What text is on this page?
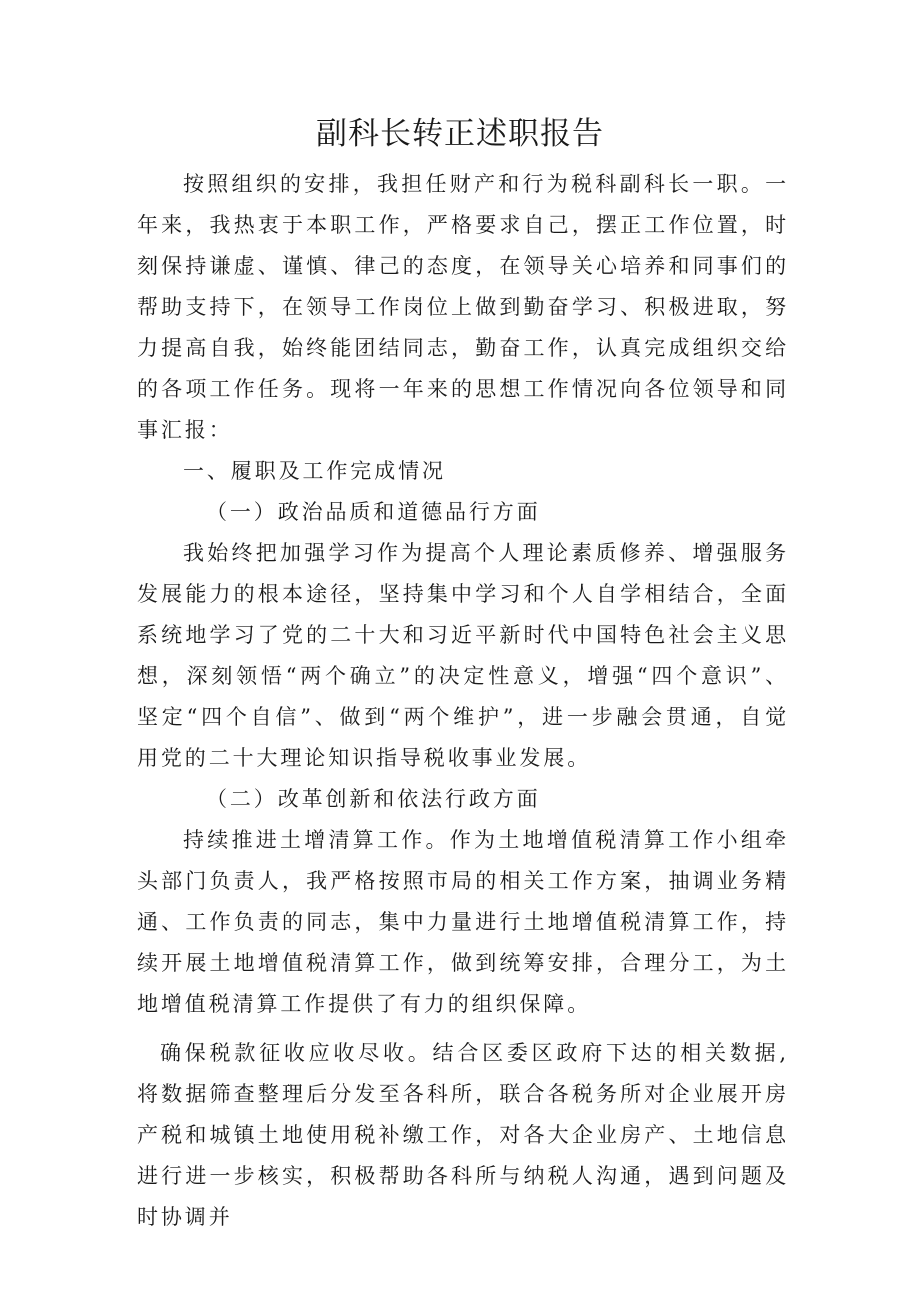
副科长转正述职报告

按照组织的安排，我担任财产和行为税科副科长一职。一年来，我热衷于本职工作，严格要求自己，摆正工作位置，时刻保持谦虚、谨慎、律己的态度，在领导关心培养和同事们的帮助支持下，在领导工作岗位上做到勤奋学习、积极进取，努力提高自我，始终能团结同志，勤奋工作，认真完成组织交给的各项工作任务。现将一年来的思想工作情况向各位领导和同事汇报：

一、履职及工作完成情况

（一）政治品质和道德品行方面

我始终把加强学习作为提高个人理论素质修养、增强服务发展能力的根本途径，坚持集中学习和个人自学相结合，全面系统地学习了党的二十大和习近平新时代中国特色社会主义思想，深刻领悟“两个确立”的决定性意义，增强“四个意识”、坚定“四个自信”、做到“两个维护”，进一步融会贯通，自觉用党的二十大理论知识指导税收事业发展。

（二）改革创新和依法行政方面

持续推进土增清算工作。作为土地增值税清算工作小组牵头部门负责人，我严格按照市局的相关工作方案，抽调业务精通、工作负责的同志，集中力量进行土地增值税清算工作，持续开展土地增值税清算工作，做到统筹安排，合理分工，为土地增值税清算工作提供了有力的组织保障。

确保税款征收应收尽收。结合区委区政府下达的相关数据,将数据筛查整理后分发至各科所，联合各税务所对企业展开房产税和城镇土地使用税补缴工作，对各大企业房产、土地信息进行进一步核实，积极帮助各科所与纳税人沟通，遇到问题及时协调并
